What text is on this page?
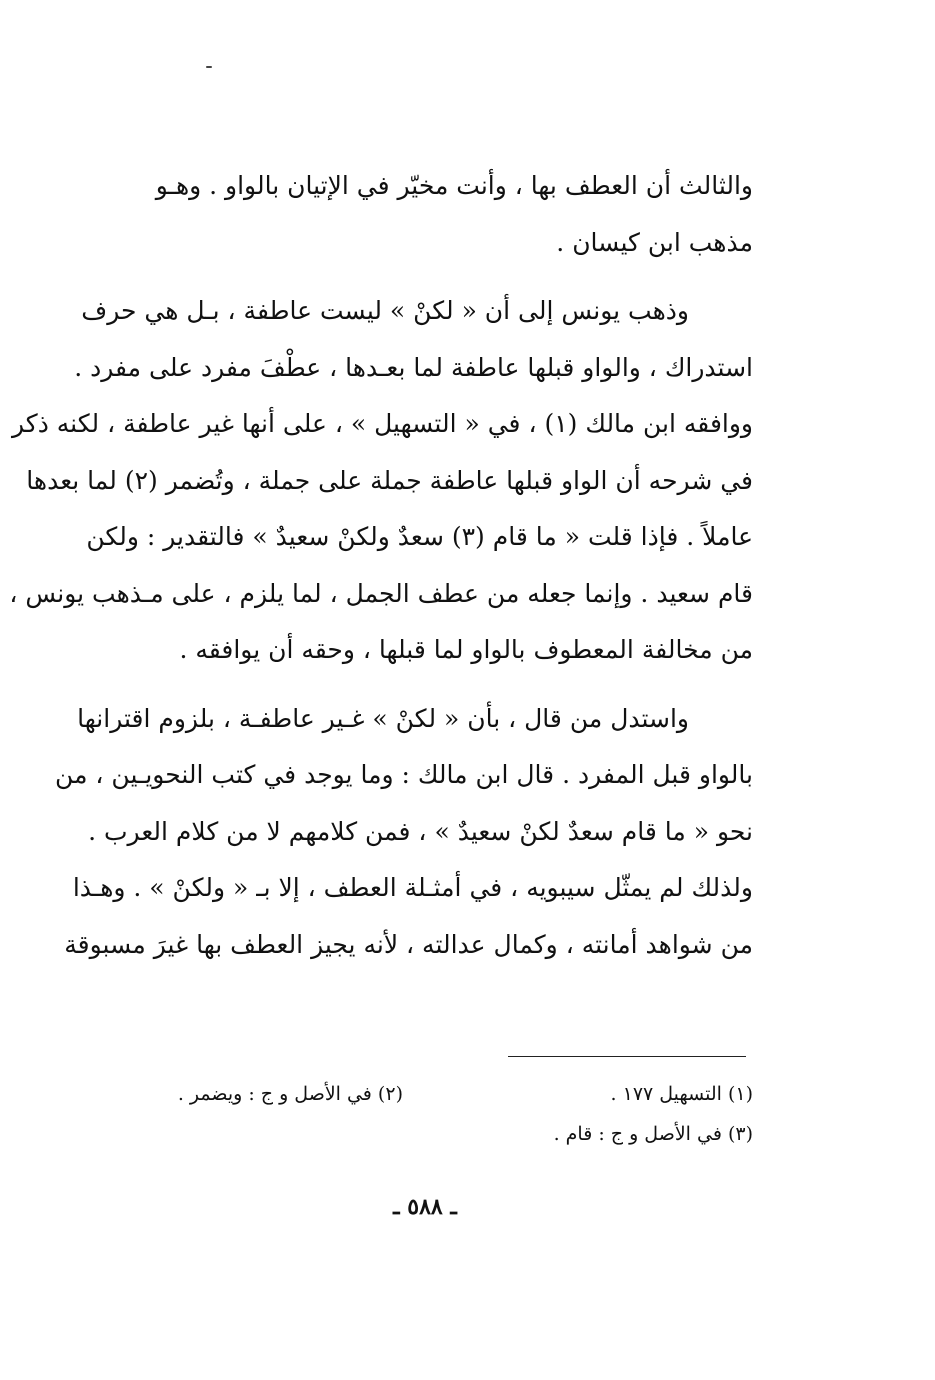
والثالث أن العطف بها ، وأنت مخيّر في الإتيان بالواو . وهـو
مذهب ابن كيسان .
وذهب يونس إلى أن « لكنْ » ليست عاطفة ، بـل هي حرف
استدراك ، والواو قبلها عاطفة لما بعـدها ، عطْفَ مفرد على مفرد .
ووافقه ابن مالك (١) ، في « التسهيل » ، على أنها غير عاطفة ، لكنه ذكر
في شرحه أن الواو قبلها عاطفة جملة على جملة ، وتُضمر (٢) لما بعدها
عاملاً . فإذا قلت « ما قام (٣) سعدٌ ولكنْ سعيدٌ » فالتقدير : ولكن
قام سعيد . وإنما جعله من عطف الجمل ، لما يلزم ، على مـذهب يونس ،
من مخالفة المعطوف بالواو لما قبلها ، وحقه أن يوافقه .
واستدل من قال ، بأن « لكنْ » غـير عاطفـة ، بلزوم اقترانها
بالواو قبل المفرد . قال ابن مالك : وما يوجد في كتب النحويـين ، من
نحو « ما قام سعدٌ لكنْ سعيدٌ » ، فمن كلامهم لا من كلام العرب .
ولذلك لم يمثّل سيبويه ، في أمثـلة العطف ، إلا بـ « ولكنْ » . وهـذا
من شواهد أمانته ، وكمال عدالته ، لأنه يجيز العطف بها غيرَ مسبوقة
(١) التسهيل ١٧٧ .
(٢) في الأصل و ج : ويضمر .
(٣) في الأصل و ج : قام .
ـ ٥٨٨ ـ
